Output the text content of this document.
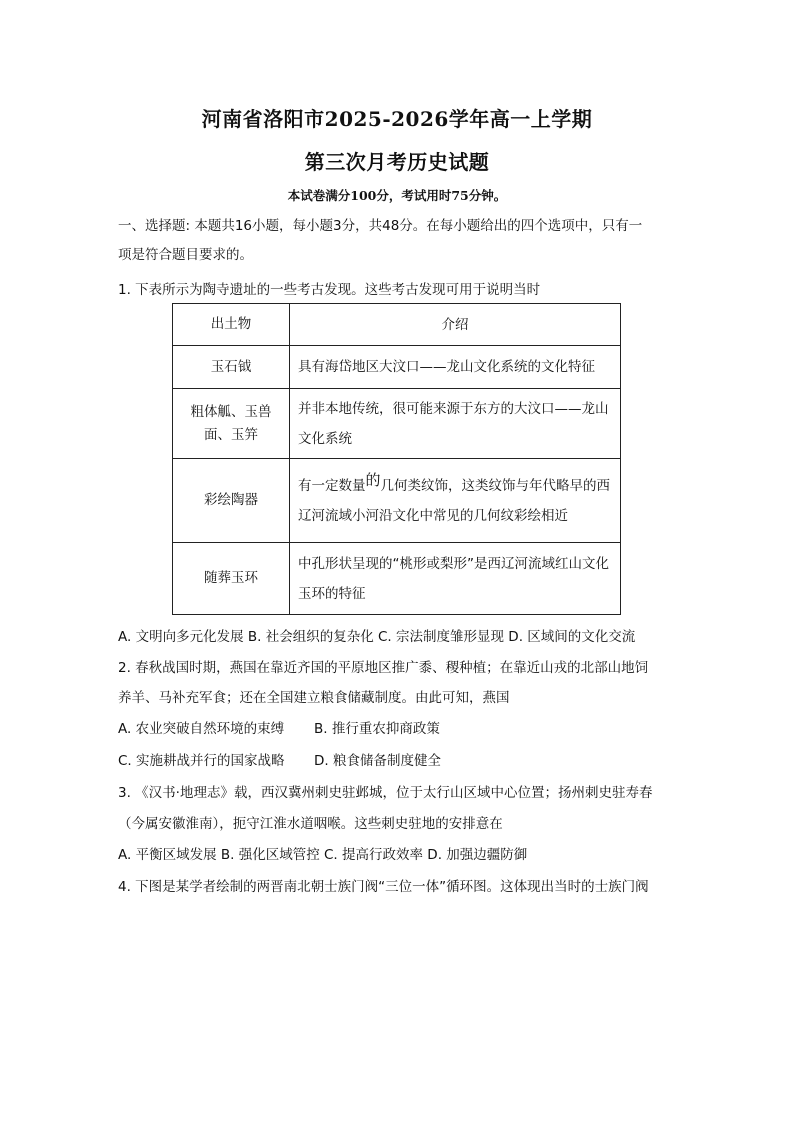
河南省洛阳市2025-2026学年高一上学期
第三次月考历史试题
本试卷满分100分，考试用时75分钟。
一、选择题: 本题共16小题，每小题3分，共48分。在每小题给出的四个选项中，只有一
项是符合题目要求的。
1. 下表所示为陶寺遗址的一些考古发现。这些考古发现可用于说明当时
出土物	介绍
玉石钺	具有海岱地区大汶口——龙山文化系统的文化特征
粗体觚、玉兽
面、玉笄	并非本地传统，很可能来源于东方的大汶口——龙山
文化系统
彩绘陶器	有一定数量的几何类纹饰，这类纹饰与年代略早的西
辽河流域小河沿文化中常见的几何纹彩绘相近
随葬玉环	中孔形状呈现的“桃形或梨形”是西辽河流域红山文化
玉环的特征
A. 文明向多元化发展 B. 社会组织的复杂化 C. 宗法制度雏形显现 D. 区域间的文化交流
2. 春秋战国时期，燕国在靠近齐国的平原地区推广黍、稷种植；在靠近山戎的北部山地饲
养羊、马补充军食；还在全国建立粮食储藏制度。由此可知，燕国
A. 农业突破自然环境的束缚 B. 推行重农抑商政策
C. 实施耕战并行的国家战略 D. 粮食储备制度健全
3. 《汉书·地理志》载，西汉冀州刺史驻邺城，位于太行山区域中心位置；扬州刺史驻寿春
（今属安徽淮南），扼守江淮水道咽喉。这些刺史驻地的安排意在
A. 平衡区域发展 B. 强化区域管控 C. 提高行政效率 D. 加强边疆防御
4. 下图是某学者绘制的两晋南北朝士族门阀“三位一体”循环图。这体现出当时的士族门阀
